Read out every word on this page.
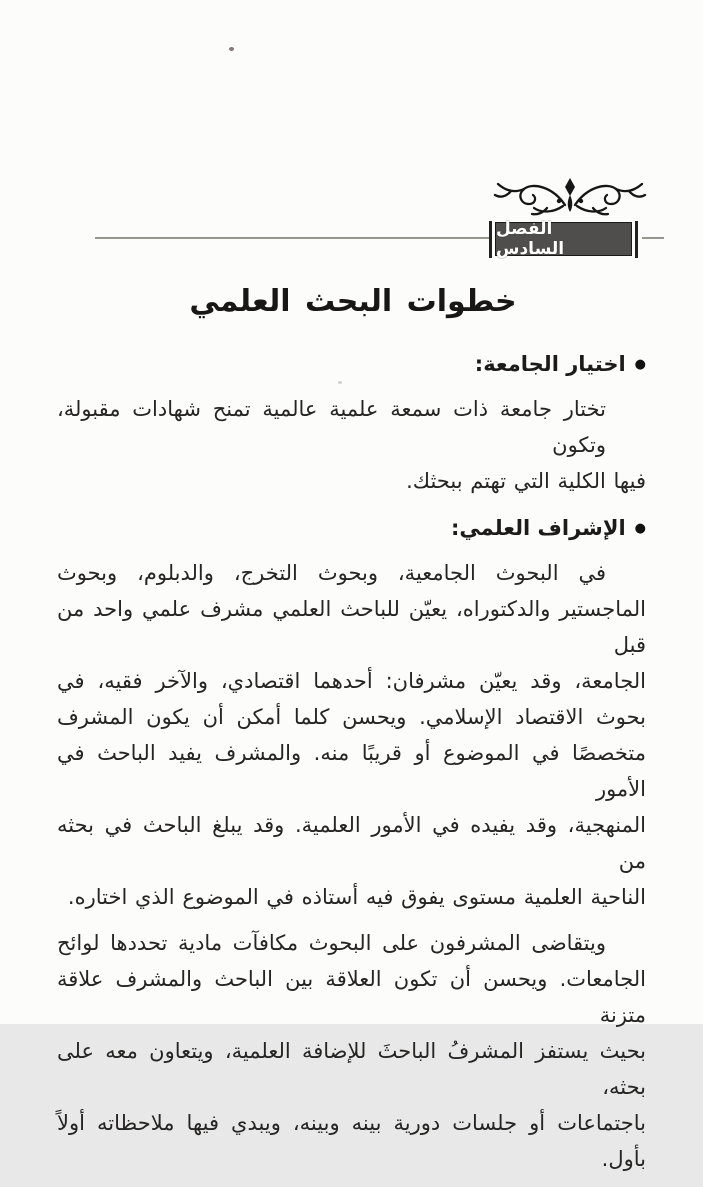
الفصل السادس
خطوات البحث العلمي
●
اختيار الجامعة:
تختار جامعة ذات سمعة علمية عالمية تمنح شهادات مقبولة، وتكون
فيها الكلية التي تهتم ببحثك.
●
الإشراف العلمي:
في البحوث الجامعية، وبحوث التخرج، والدبلوم، وبحوث
الماجستير والدكتوراه، يعيّن للباحث العلمي مشرف علمي واحد من قبل
الجامعة، وقد يعيّن مشرفان: أحدهما اقتصادي، والآخر فقيه، في
بحوث الاقتصاد الإسلامي. ويحسن كلما أمكن أن يكون المشرف
متخصصًا في الموضوع أو قريبًا منه. والمشرف يفيد الباحث في الأمور
المنهجية، وقد يفيده في الأمور العلمية. وقد يبلغ الباحث في بحثه من
الناحية العلمية مستوى يفوق فيه أستاذه في الموضوع الذي اختاره.
ويتقاضى المشرفون على البحوث مكافآت مادية تحددها لوائح
الجامعات. ويحسن أن تكون العلاقة بين الباحث والمشرف علاقة متزنة
بحيث يستفز المشرفُ الباحثَ للإضافة العلمية، ويتعاون معه على بحثه،
باجتماعات أو جلسات دورية بينه وبينه، ويبدي فيها ملاحظاته أولاً
بأول.
